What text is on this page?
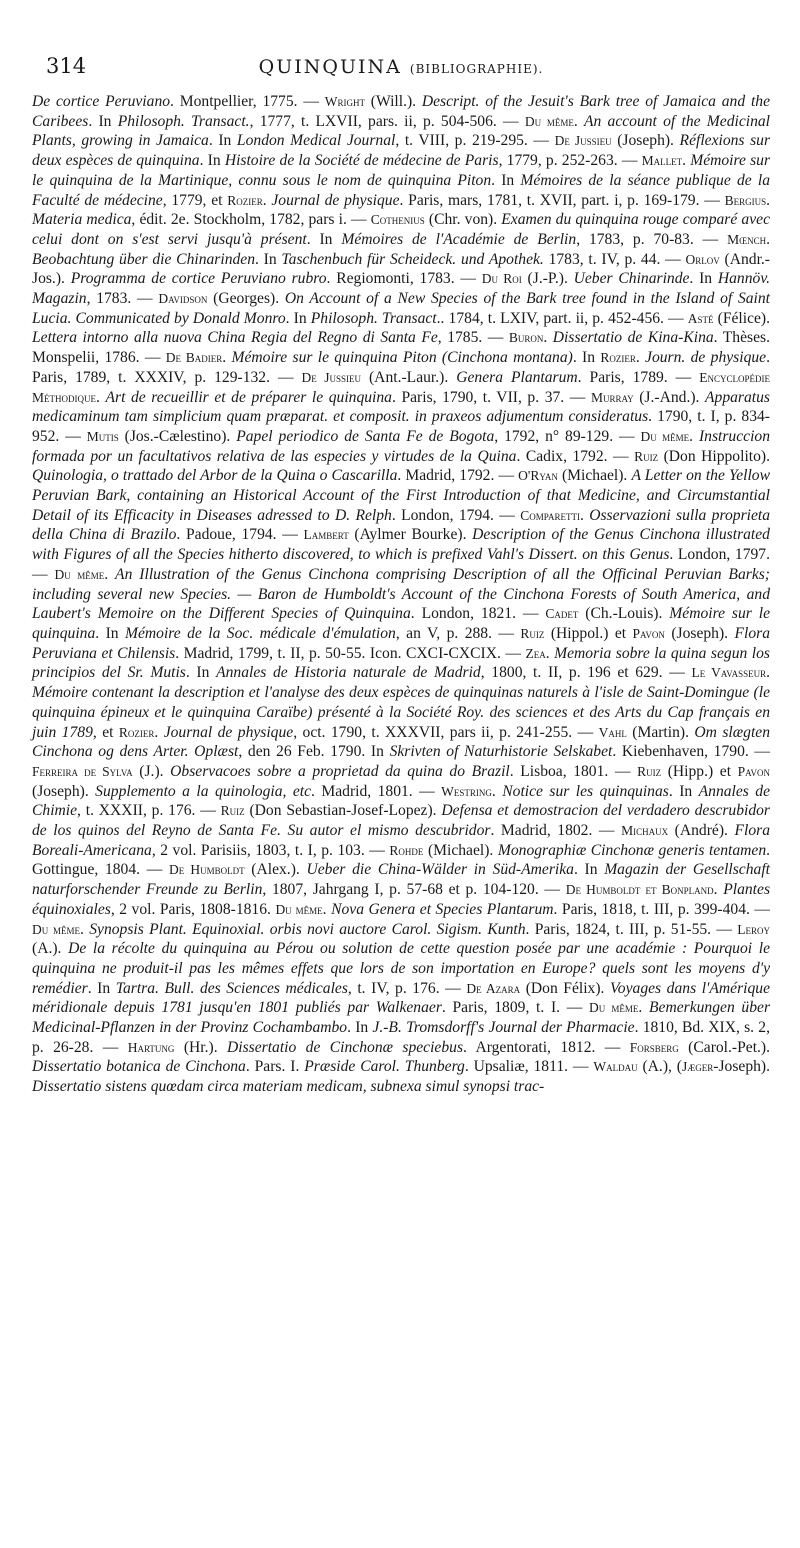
314	QUINQUINA (BIBLIOGRAPHIE).

De cortice Peruviano. Montpellier, 1775. — Wright (Will.). Descript. of the Jesuit's Bark tree of Jamaica and the Caribees. In Philosoph. Transact., 1777, t. LXVII, pars. ii, p. 504-506. — Du même. An account of the Medicinal Plants, growing in Jamaica. In London Medical Journal, t. VIII, p. 219-295. — De Jussieu (Joseph). Réflexions sur deux espèces de quinquina. In Histoire de la Société de médecine de Paris, 1779, p. 252-263. — Mallet. Mémoire sur le quinquina de la Martinique, connu sous le nom de quinquina Piton. In Mémoires de la séance publique de la Faculté de médecine, 1779, et Rozier. Journal de physique. Paris, mars, 1781, t. XVII, part. i, p. 169-179. — Bergius. Materia medica, édit. 2e. Stockholm, 1782, pars i. — Cothenius (Chr. von). Examen du quinquina rouge comparé avec celui dont on s'est servi jusqu'à présent. In Mémoires de l'Académie de Berlin, 1783, p. 70-83. — Mœnch. Beobachtung über die Chinarinden. In Taschenbuch für Scheideck. und Apothek. 1783, t. IV, p. 44. — Orlov (Andr.-Jos.). Programma de cortice Peruviano rubro. Regiomonti, 1783. — Du Roi (J.-P.). Ueber Chinarinde. In Hannöv. Magazin, 1783. — Davidson (Georges). On Account of a New Species of the Bark tree found in the Island of Saint Lucia. Communicated by Donald Monro. In Philosoph. Transact.. 1784, t. LXIV, part. ii, p. 452-456. — Asté (Félice). Lettera intorno alla nuova China Regia del Regno di Santa Fe, 1785. — Buron. Dissertatio de Kina-Kina. Thèses. Monspelii, 1786. — De Badier. Mémoire sur le quinquina Piton (Cinchona montana). In Rozier. Journ. de physique. Paris, 1789, t. XXXIV, p. 129-132. — De Jussieu (Ant.-Laur.). Genera Plantarum. Paris, 1789. — Encyclopédie Méthodique. Art de recueillir et de préparer le quinquina. Paris, 1790, t. VII, p. 37. — Murray (J.-And.). Apparatus medicaminum tam simplicium quam præparat. et composit. in praxeos adjumentum consideratus. 1790, t. I, p. 834-952. — Mutis (Jos.-Cælestino). Papel periodico de Santa Fe de Bogota, 1792, n° 89-129. — Du même. Instruccion formada por un facultativos relativa de las especies y virtudes de la Quina. Cadix, 1792. — Ruiz (Don Hippolito). Quinologia, o trattado del Arbor de la Quina o Cascarilla. Madrid, 1792. — O'Ryan (Michael). A Letter on the Yellow Peruvian Bark, containing an Historical Account of the First Introduction of that Medicine, and Circumstantial Detail of its Efficacity in Diseases adressed to D. Relph. London, 1794. — Comparetti. Osservazioni sulla proprieta della China di Brazilo. Padoue, 1794. — Lambert (Aylmer Bourke). Description of the Genus Cinchona illustrated with Figures of all the Species hitherto discovered, to which is prefixed Vahl's Dissert. on this Genus. London, 1797. — Du même. An Illustration of the Genus Cinchona comprising Description of all the Officinal Peruvian Barks; including several new Species. — Baron de Humboldt's Account of the Cinchona Forests of South America, and Laubert's Memoire on the Different Species of Quinquina. London, 1821. — Cadet (Ch.-Louis). Mémoire sur le quinquina. In Mémoire de la Soc. médicale d'émulation, an V, p. 288. — Ruiz (Hippol.) et Pavon (Joseph). Flora Peruviana et Chilensis. Madrid, 1799, t. II, p. 50-55. Icon. CXCI-CXCIX. — Zea. Memoria sobre la quina segun los principios del Sr. Mutis. In Annales de Historia naturale de Madrid, 1800, t. II, p. 196 et 629. — Le Vavasseur. Mémoire contenant la description et l'analyse des deux espèces de quinquinas naturels à l'isle de Saint-Domingue (le quinquina épineux et le quinquina Caraïbe) présenté à la Société Roy. des sciences et des Arts du Cap français en juin 1789, et Rozier. Journal de physique, oct. 1790, t. XXXVII, pars ii, p. 241-255. — Vahl (Martin). Om slægten Cinchona og dens Arter. Oplæst, den 26 Feb. 1790. In Skrivten of Naturhistorie Selskabet. Kiebenhaven, 1790. — Ferreira de Sylva (J.). Observacoes sobre a proprietad da quina do Brazil. Lisboa, 1801. — Ruiz (Hipp.) et Pavon (Joseph). Supplemento a la quinologia, etc. Madrid, 1801. — Westring. Notice sur les quinquinas. In Annales de Chimie, t. XXXII, p. 176. — Ruiz (Don Sebastian-Josef-Lopez). Defensa et demostracion del verdadero descrubidor de los quinos del Reyno de Santa Fe. Su autor el mismo descubridor. Madrid, 1802. — Michaux (André). Flora Boreali-Americana, 2 vol. Parisiis, 1803, t. I, p. 103. — Rohde (Michael). Monographiæ Cinchonæ generis tentamen. Gottingue, 1804. — De Humboldt (Alex.). Ueber die China-Wälder in Süd-Amerika. In Magazin der Gesellschaft naturforschender Freunde zu Berlin, 1807, Jahrgang I, p. 57-68 et p. 104-120. — De Humboldt et Bonpland. Plantes équinoxiales, 2 vol. Paris, 1808-1816. Du même. Nova Genera et Species Plantarum. Paris, 1818, t. III, p. 399-404. — Du même. Synopsis Plant. Equinoxial. orbis novi auctore Carol. Sigism. Kunth. Paris, 1824, t. III, p. 51-55. — Leroy (A.). De la récolte du quinquina au Pérou ou solution de cette question posée par une académie : Pourquoi le quinquina ne produit-il pas les mêmes effets que lors de son importation en Europe? quels sont les moyens d'y remédier. In Tartra. Bull. des Sciences médicales, t. IV, p. 176. — De Azara (Don Félix). Voyages dans l'Amérique méridionale depuis 1781 jusqu'en 1801 publiés par Walkenaer. Paris, 1809, t. I. — Du même. Bemerkungen über Medicinal-Pflanzen in der Provinz Cochambambo. In J.-B. Tromsdorff's Journal der Pharmacie. 1810, Bd. XIX, s. 2, p. 26-28. — Hartung (Hr.). Dissertatio de Cinchonæ speciebus. Argentorati, 1812. — Forsberg (Carol.-Pet.). Dissertatio botanica de Cinchona. Pars. I. Præside Carol. Thunberg. Upsaliæ, 1811. — Waldau (A.), (Jæger-Joseph). Dissertatio sistens quœdam circa materiam medicam, subnexa simul synopsi trac-
